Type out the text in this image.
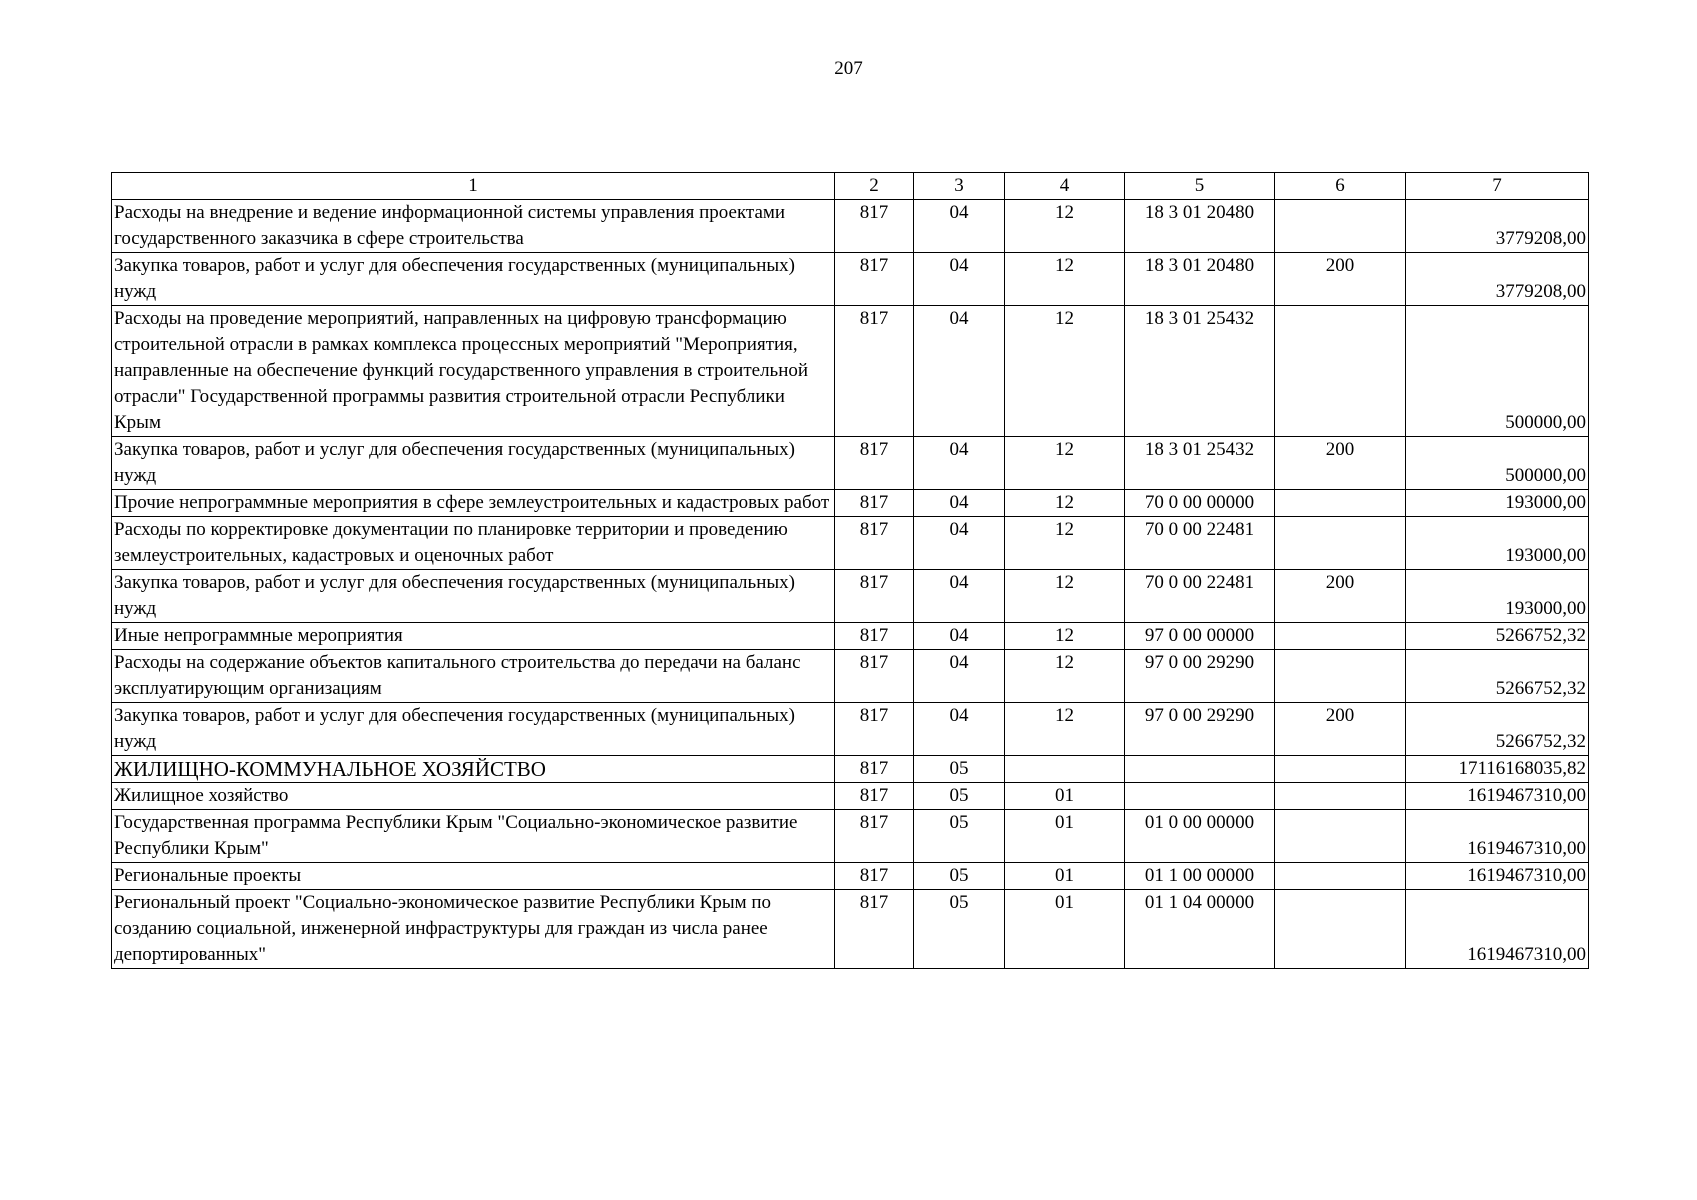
207
1	2	3	4	5	6	7
Расходы на внедрение и ведение информационной системы управления проектами государственного заказчика в сфере строительства	817	04	12	18 3 01 20480		3779208,00
Закупка товаров, работ и услуг для обеспечения государственных (муниципальных) нужд	817	04	12	18 3 01 20480	200	3779208,00
Расходы на проведение мероприятий, направленных на цифровую трансформацию строительной отрасли в рамках комплекса процессных мероприятий "Мероприятия, направленные на обеспечение функций государственного управления в строительной отрасли" Государственной программы развития строительной отрасли Республики Крым	817	04	12	18 3 01 25432		500000,00
Закупка товаров, работ и услуг для обеспечения государственных (муниципальных) нужд	817	04	12	18 3 01 25432	200	500000,00
Прочие непрограммные мероприятия в сфере землеустроительных и кадастровых работ	817	04	12	70 0 00 00000		193000,00
Расходы по корректировке документации по планировке территории и проведению землеустроительных, кадастровых и оценочных работ	817	04	12	70 0 00 22481		193000,00
Закупка товаров, работ и услуг для обеспечения государственных (муниципальных) нужд	817	04	12	70 0 00 22481	200	193000,00
Иные непрограммные мероприятия	817	04	12	97 0 00 00000		5266752,32
Расходы на содержание объектов капитального строительства до передачи на баланс эксплуатирующим организациям	817	04	12	97 0 00 29290		5266752,32
Закупка товаров, работ и услуг для обеспечения государственных (муниципальных) нужд	817	04	12	97 0 00 29290	200	5266752,32
ЖИЛИЩНО-КОММУНАЛЬНОЕ ХОЗЯЙСТВО	817	05				17116168035,82
Жилищное хозяйство	817	05	01			1619467310,00
Государственная программа Республики Крым "Социально-экономическое развитие Республики Крым"	817	05	01	01 0 00 00000		1619467310,00
Региональные проекты	817	05	01	01 1 00 00000		1619467310,00
Региональный проект "Социально-экономическое развитие Республики Крым по созданию социальной, инженерной инфраструктуры для граждан из числа ранее депортированных"	817	05	01	01 1 04 00000		1619467310,00
